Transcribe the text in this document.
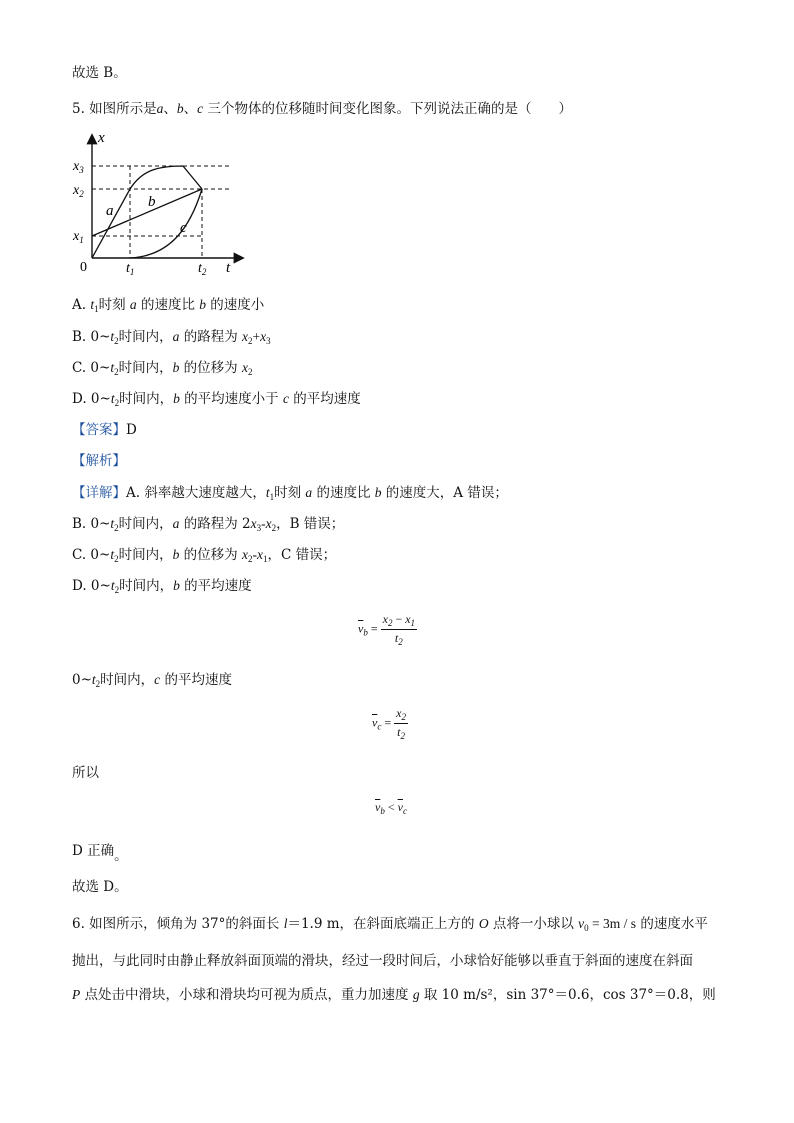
故选 B。
5. 如图所示是a、b、c 三个物体的位移随时间变化图象。下列说法正确的是（　　）
x
t
0
$x_3$
$x_2$
$x_1$
$t_1$	$t_2$
a
b
c
A. $t_1$时刻 a 的速度比 b 的速度小
B. $0\sim t_2$时间内，a 的路程为 $x_2+x_3$
C. $0\sim t_2$时间内，b 的位移为 $x_2$
D. $0\sim t_2$时间内，b 的平均速度小于 c 的平均速度
【答案】D
【解析】
【详解】A. 斜率越大速度越大，$t_1$时刻 a 的速度比 b 的速度大，A 错误；
B. $0\sim t_2$时间内，a 的路程为 $2x_3-x_2$，B 错误；
C. $0\sim t_2$时间内，b 的位移为 $x_2-x_1$，C 错误；
D. $0\sim t_2$时间内，b 的平均速度
$\overline{v}_b = \frac{x_2 - x_1}{t_2}$
$0\sim t_2$时间内，c 的平均速度
$\overline{v}_c = \frac{x_2}{t_2}$
所以
$\overline{v}_b < \overline{v}_c$
D 正确。
故选 D。
6. 如图所示，倾角为 37°的斜面长 l＝1.9 m，在斜面底端正上方的 O 点将一小球以 $v_0 = 3m / s$ 的速度水平
抛出，与此同时由静止释放斜面顶端的滑块，经过一段时间后，小球恰好能够以垂直于斜面的速度在斜面
P 点处击中滑块，小球和滑块均可视为质点，重力加速度 g 取 10 m/s²，sin 37°＝0.6，cos 37°＝0.8，则
